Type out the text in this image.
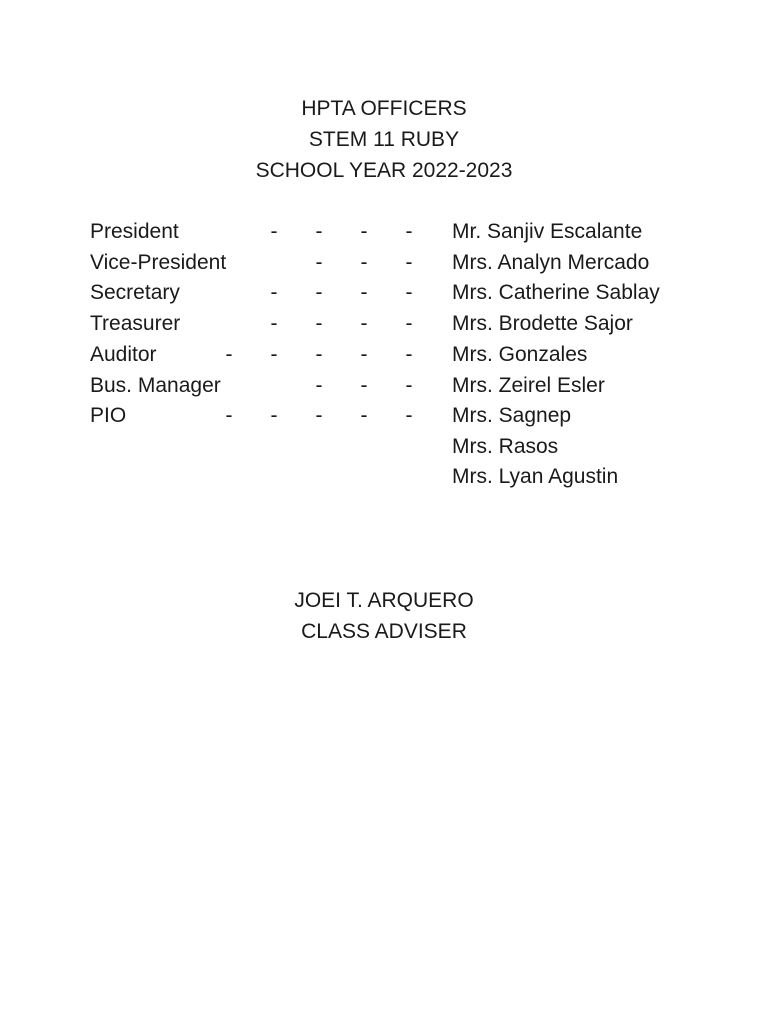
HPTA OFFICERS
STEM 11 RUBY
SCHOOL YEAR 2022-2023
President	- - - - Mr. Sanjiv Escalante
Vice-President	- - - Mrs. Analyn Mercado
Secretary	- - - - Mrs. Catherine Sablay
Treasurer	- - - - Mrs. Brodette Sajor
Auditor	- - - - - Mrs. Gonzales
Bus. Manager	- - - Mrs. Zeirel Esler
PIO	- - - - - Mrs. Sagnep
Mrs. Rasos
Mrs. Lyan Agustin
JOEI T. ARQUERO
CLASS ADVISER
